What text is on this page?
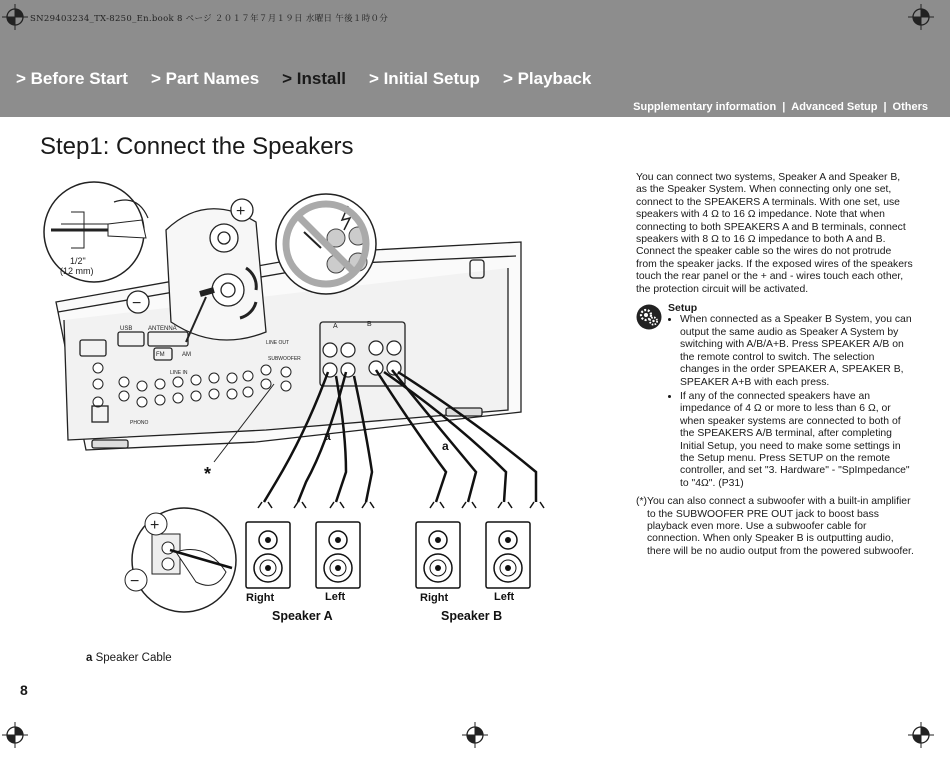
SN29403234_TX-8250_En.book 8 ページ ２０１７年７月１９日 水曜日 午後１時０分
> Before Start > Part Names > Install > Initial Setup > Playback
Supplementary information | Advanced Setup | Others
Step1: Connect the Speakers
USB	ANTENNA
FM	AM
LINE OUT
SUBWOOFER
LINE IN
PHONO
A	B
1/2"
(12 mm)
+
−
a
a
*
+
−
Right	Left	Right	Left
Speaker A	Speaker B

You can connect two systems, Speaker A and Speaker B, as the Speaker System. When connecting only one set, connect to the SPEAKERS A terminals. With one set, use speakers with 4 Ω to 16 Ω impedance. Note that when connecting to both SPEAKERS A and B terminals, connect speakers with 8 Ω to 16 Ω impedance to both A and B. Connect the speaker cable so the wires do not protrude from the speaker jacks. If the exposed wires of the speakers touch the rear panel or the + and - wires touch each other, the protection circuit will be activated.

Setup
• When connected as a Speaker B System, you can output the same audio as Speaker A System by switching with A/B/A+B. Press SPEAKER A/B on the remote control to switch. The selection changes in the order SPEAKER A, SPEAKER B, SPEAKER A+B with each press.
• If any of the connected speakers have an impedance of 4 Ω or more to less than 6 Ω, or when speaker systems are connected to both of the SPEAKERS A/B terminal, after completing Initial Setup, you need to make some settings in the Setup menu. Press SETUP on the remote controller, and set "3. Hardware" - "SpImpedance" to "4Ω". (P31)
(*) You can also connect a subwoofer with a built-in amplifier to the SUBWOOFER PRE OUT jack to boost bass playback even more. Use a subwoofer cable for connection. When only Speaker B is outputting audio, there will be no audio output from the powered subwoofer.
a Speaker Cable
8
